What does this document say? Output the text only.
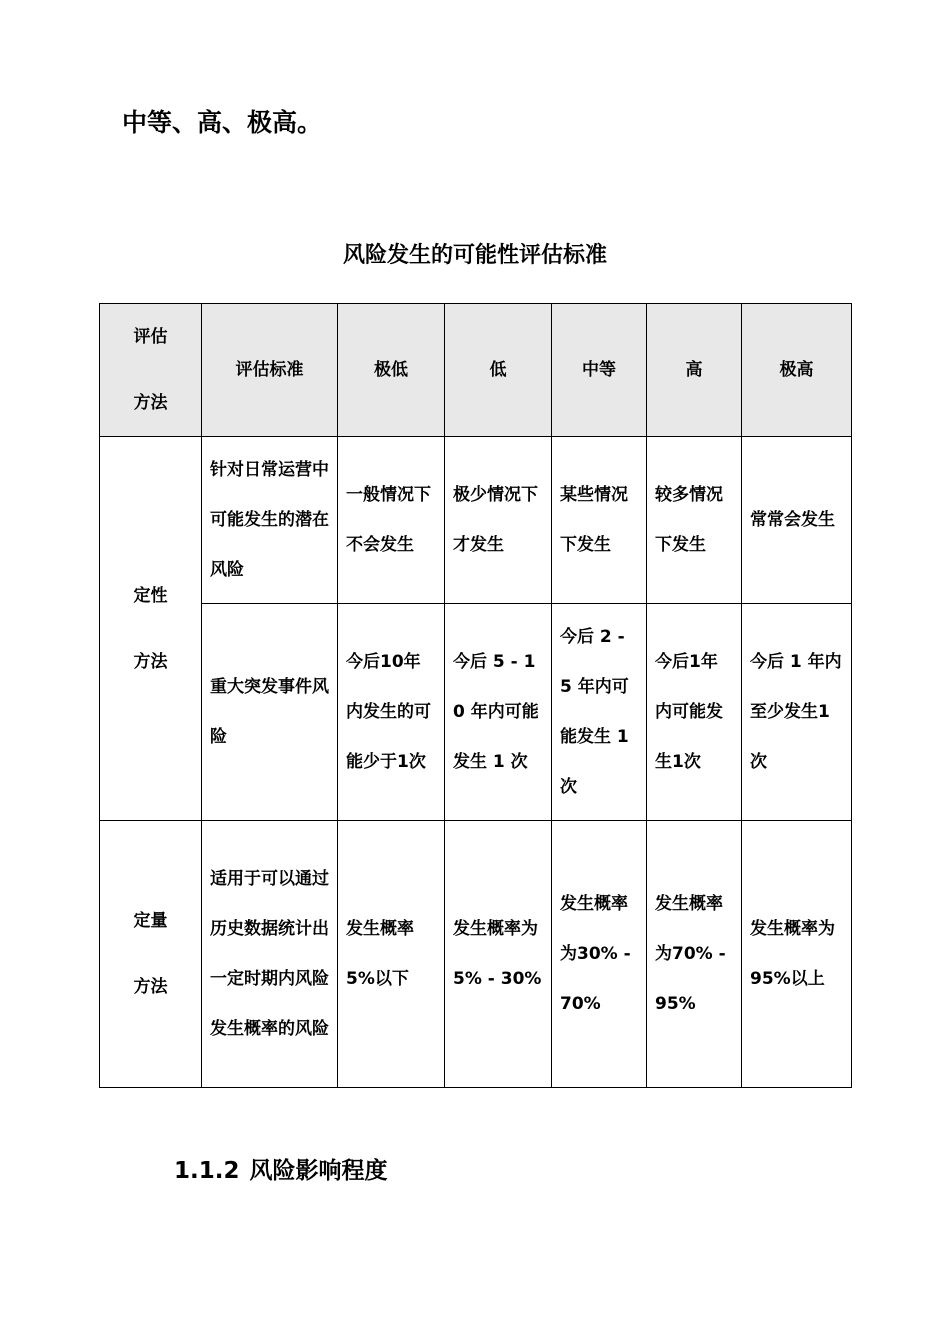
中等、高、极高。
风险发生的可能性评估标准
评估
方法	评估标准	极低	低	中等	高	极高

定性
方法	针对日常运营中可能发生的潜在风险	一般情况下不会发生	极少情况下才发生	某些情况下发生	较多情况下发生	常常会发生
	重大突发事件风险	今后10年内发生的可能少于1次	今后 5 - 10 年内可能发生 1 次	今后 2 - 5 年内可能发生 1 次	今后1年内可能发生1次	今后 1 年内至少发生1次

定量
方法	适用于可以通过历史数据统计出一定时期内风险发生概率的风险	发生概率5%以下	发生概率为 5% - 30%	发生概率为30% - 70%	发生概率为70% - 95%	发生概率为 95%以上
1.1.2 风险影响程度
